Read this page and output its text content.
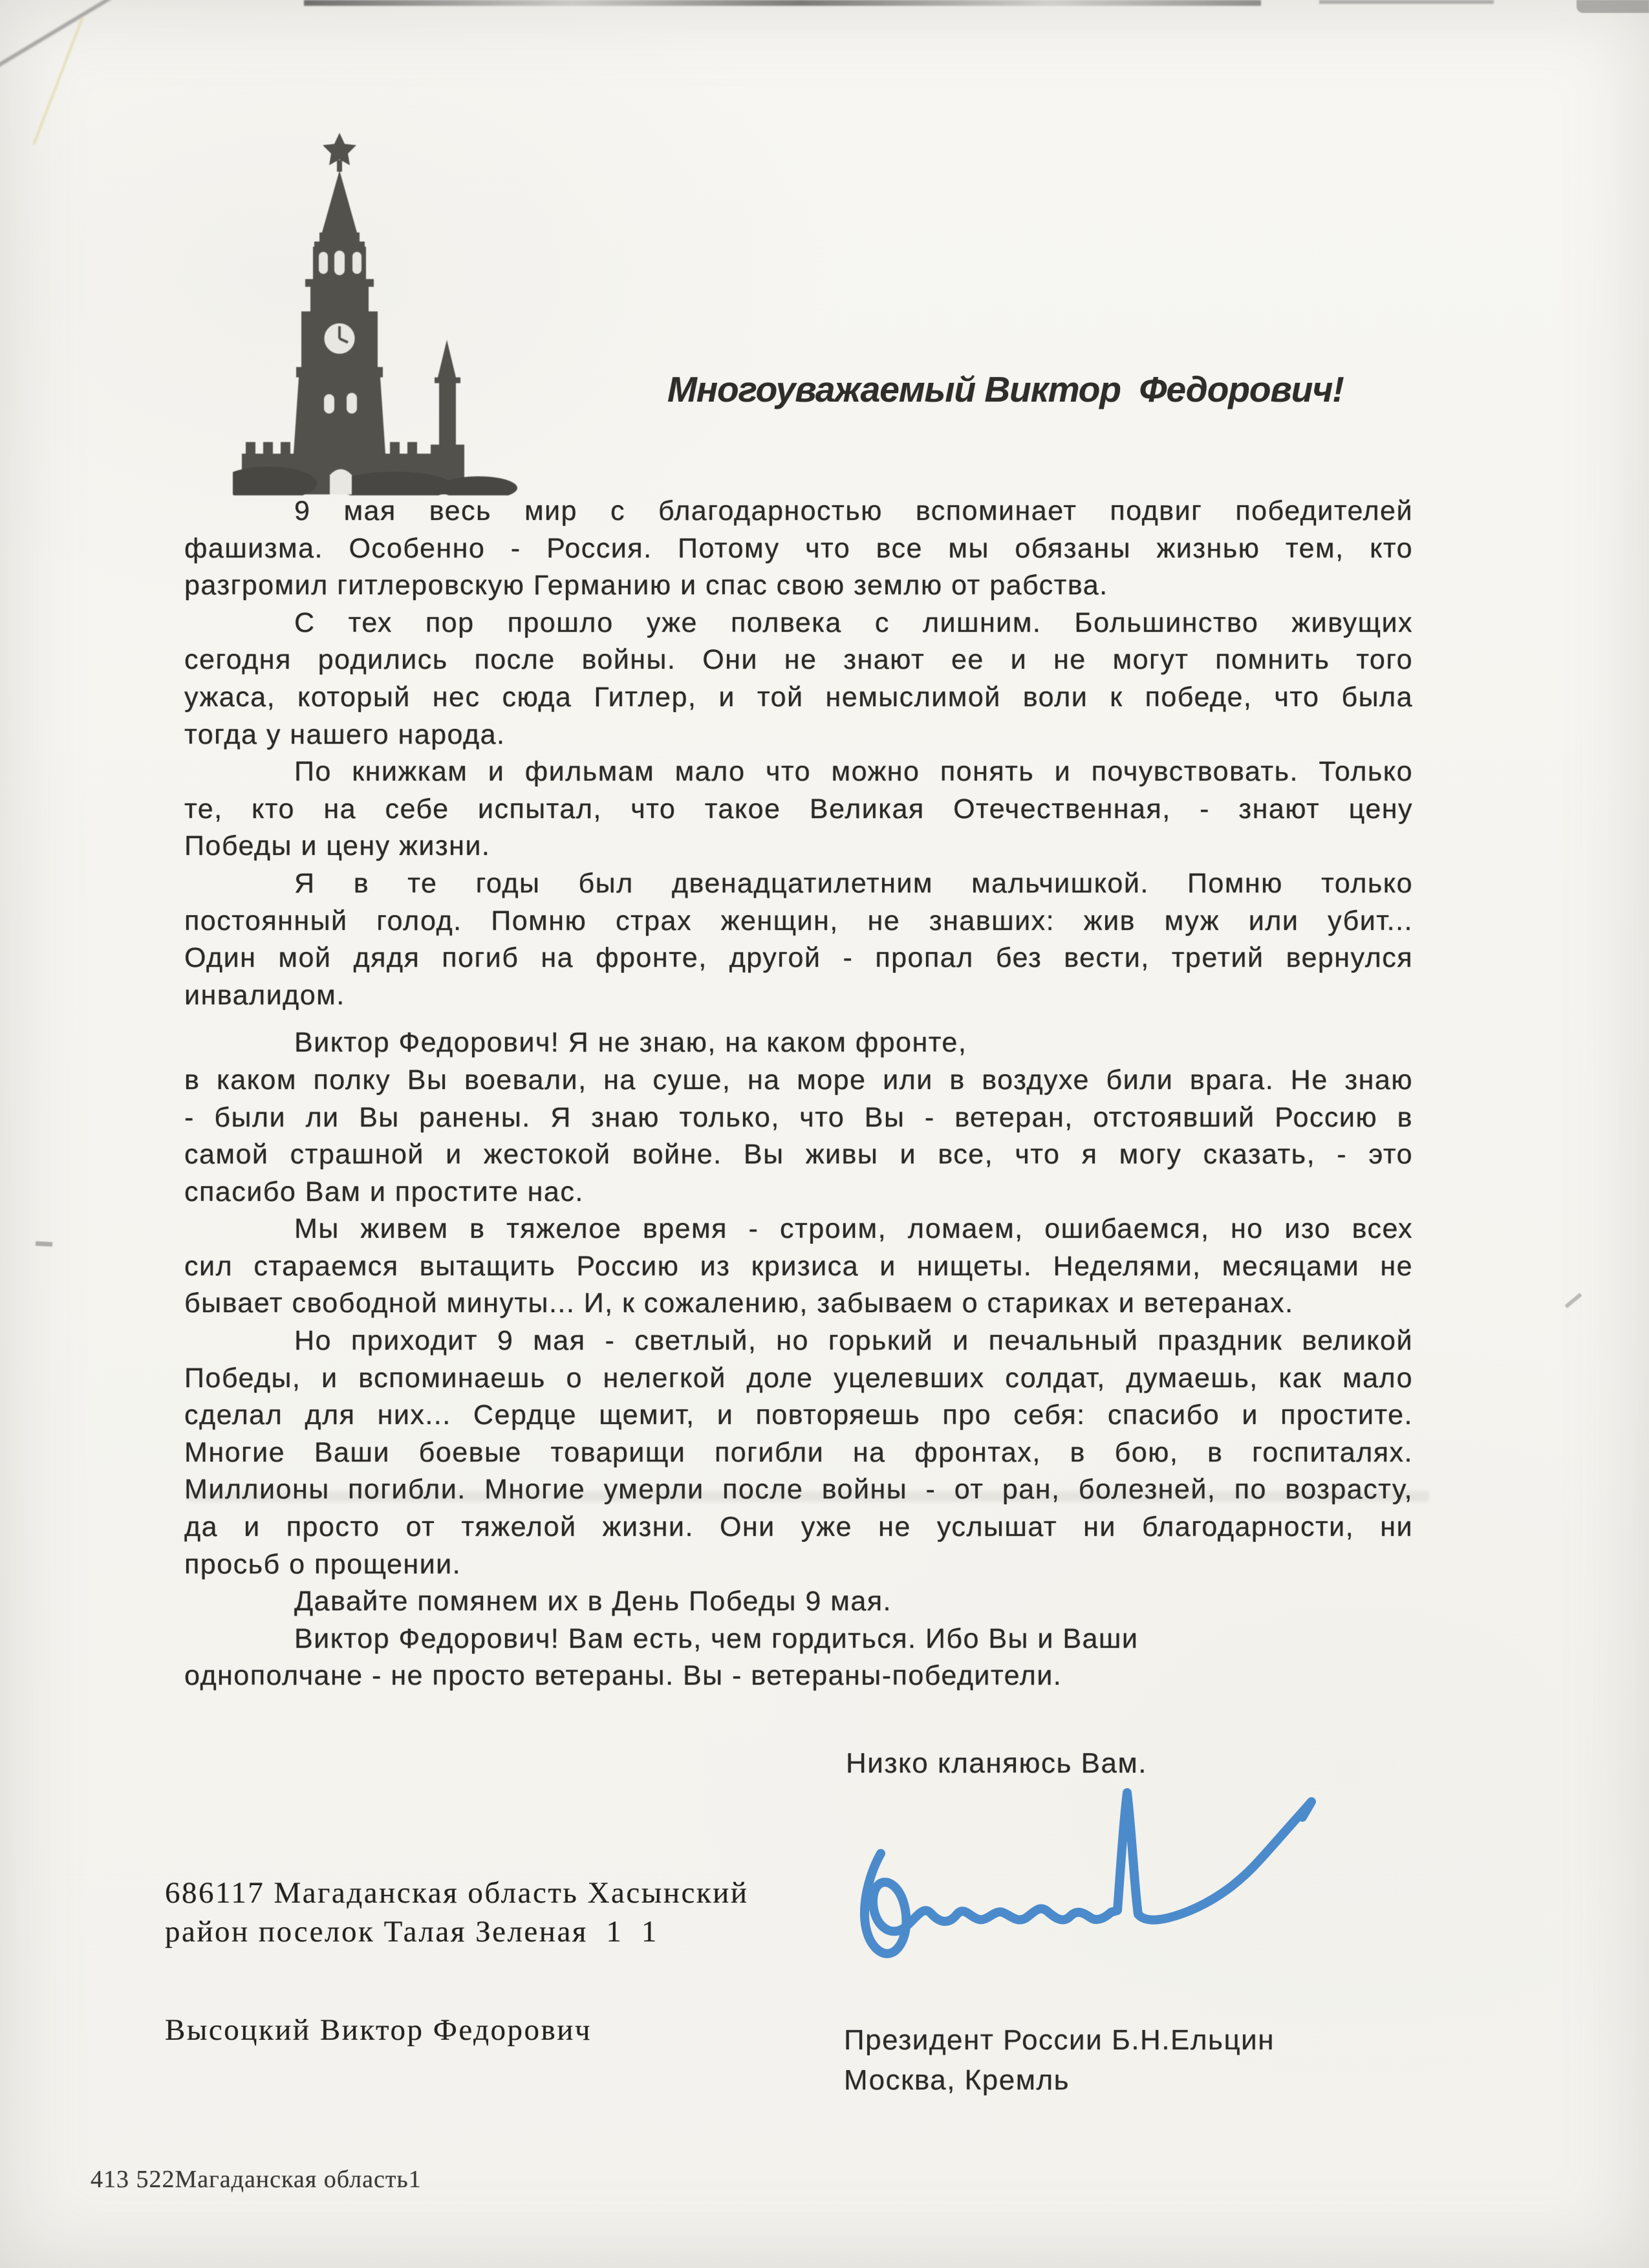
Многоуважаемый Виктор  Федорович!
9 мая весь мир с благодарностью вспоминает подвиг победителей
фашизма. Особенно - Россия. Потому что все мы обязаны жизнью тем, кто
разгромил гитлеровскую Германию и спас свою землю от рабства.
С тех пор прошло уже полвека с лишним. Большинство живущих
сегодня родились после войны. Они не знают ее и не могут помнить того
ужаса, который нес сюда Гитлер, и той немыслимой воли к победе, что была
тогда у нашего народа.
По книжкам и фильмам мало что можно понять и почувствовать. Только
те, кто на себе испытал, что такое Великая Отечественная, - знают цену
Победы и цену жизни.
Я в те годы был двенадцатилетним мальчишкой. Помню только
постоянный голод. Помню страх женщин, не знавших: жив муж или убит...
Один мой дядя погиб на фронте, другой - пропал без вести, третий вернулся
инвалидом.
Виктор Федорович! Я не знаю, на каком фронте,
в каком полку Вы воевали, на суше, на море или в воздухе били врага. Не знаю
- были ли Вы ранены. Я знаю только, что Вы - ветеран, отстоявший Россию в
самой страшной и жестокой войне. Вы живы и все, что я могу сказать, - это
спасибо Вам и простите нас.
Мы живем в тяжелое время - строим, ломаем, ошибаемся, но изо всех
сил стараемся вытащить Россию из кризиса и нищеты. Неделями, месяцами не
бывает свободной минуты... И, к сожалению, забываем о стариках и ветеранах.
Но приходит 9 мая - светлый, но горький и печальный праздник великой
Победы, и вспоминаешь о нелегкой доле уцелевших солдат, думаешь, как мало
сделал для них... Сердце щемит, и повторяешь про себя: спасибо и простите.
Многие Ваши боевые товарищи погибли на фронтах, в бою, в госпиталях.
Миллионы погибли. Многие умерли после войны - от ран, болезней, по возрасту,
да и просто от тяжелой жизни. Они уже не услышат ни благодарности, ни
просьб о прощении.
Давайте помянем их в День Победы 9 мая.
Виктор Федорович! Вам есть, чем гордиться. Ибо Вы и Ваши
однополчане - не просто ветераны. Вы - ветераны-победители.
Низко кланяюсь Вам.
686117 Магаданская область Хасынский
район поселок Талая Зеленая  1  1
Высоцкий Виктор Федорович	Президент России Б.Н.Ельцин
Москва, Кремль
413 522Магаданская область1
